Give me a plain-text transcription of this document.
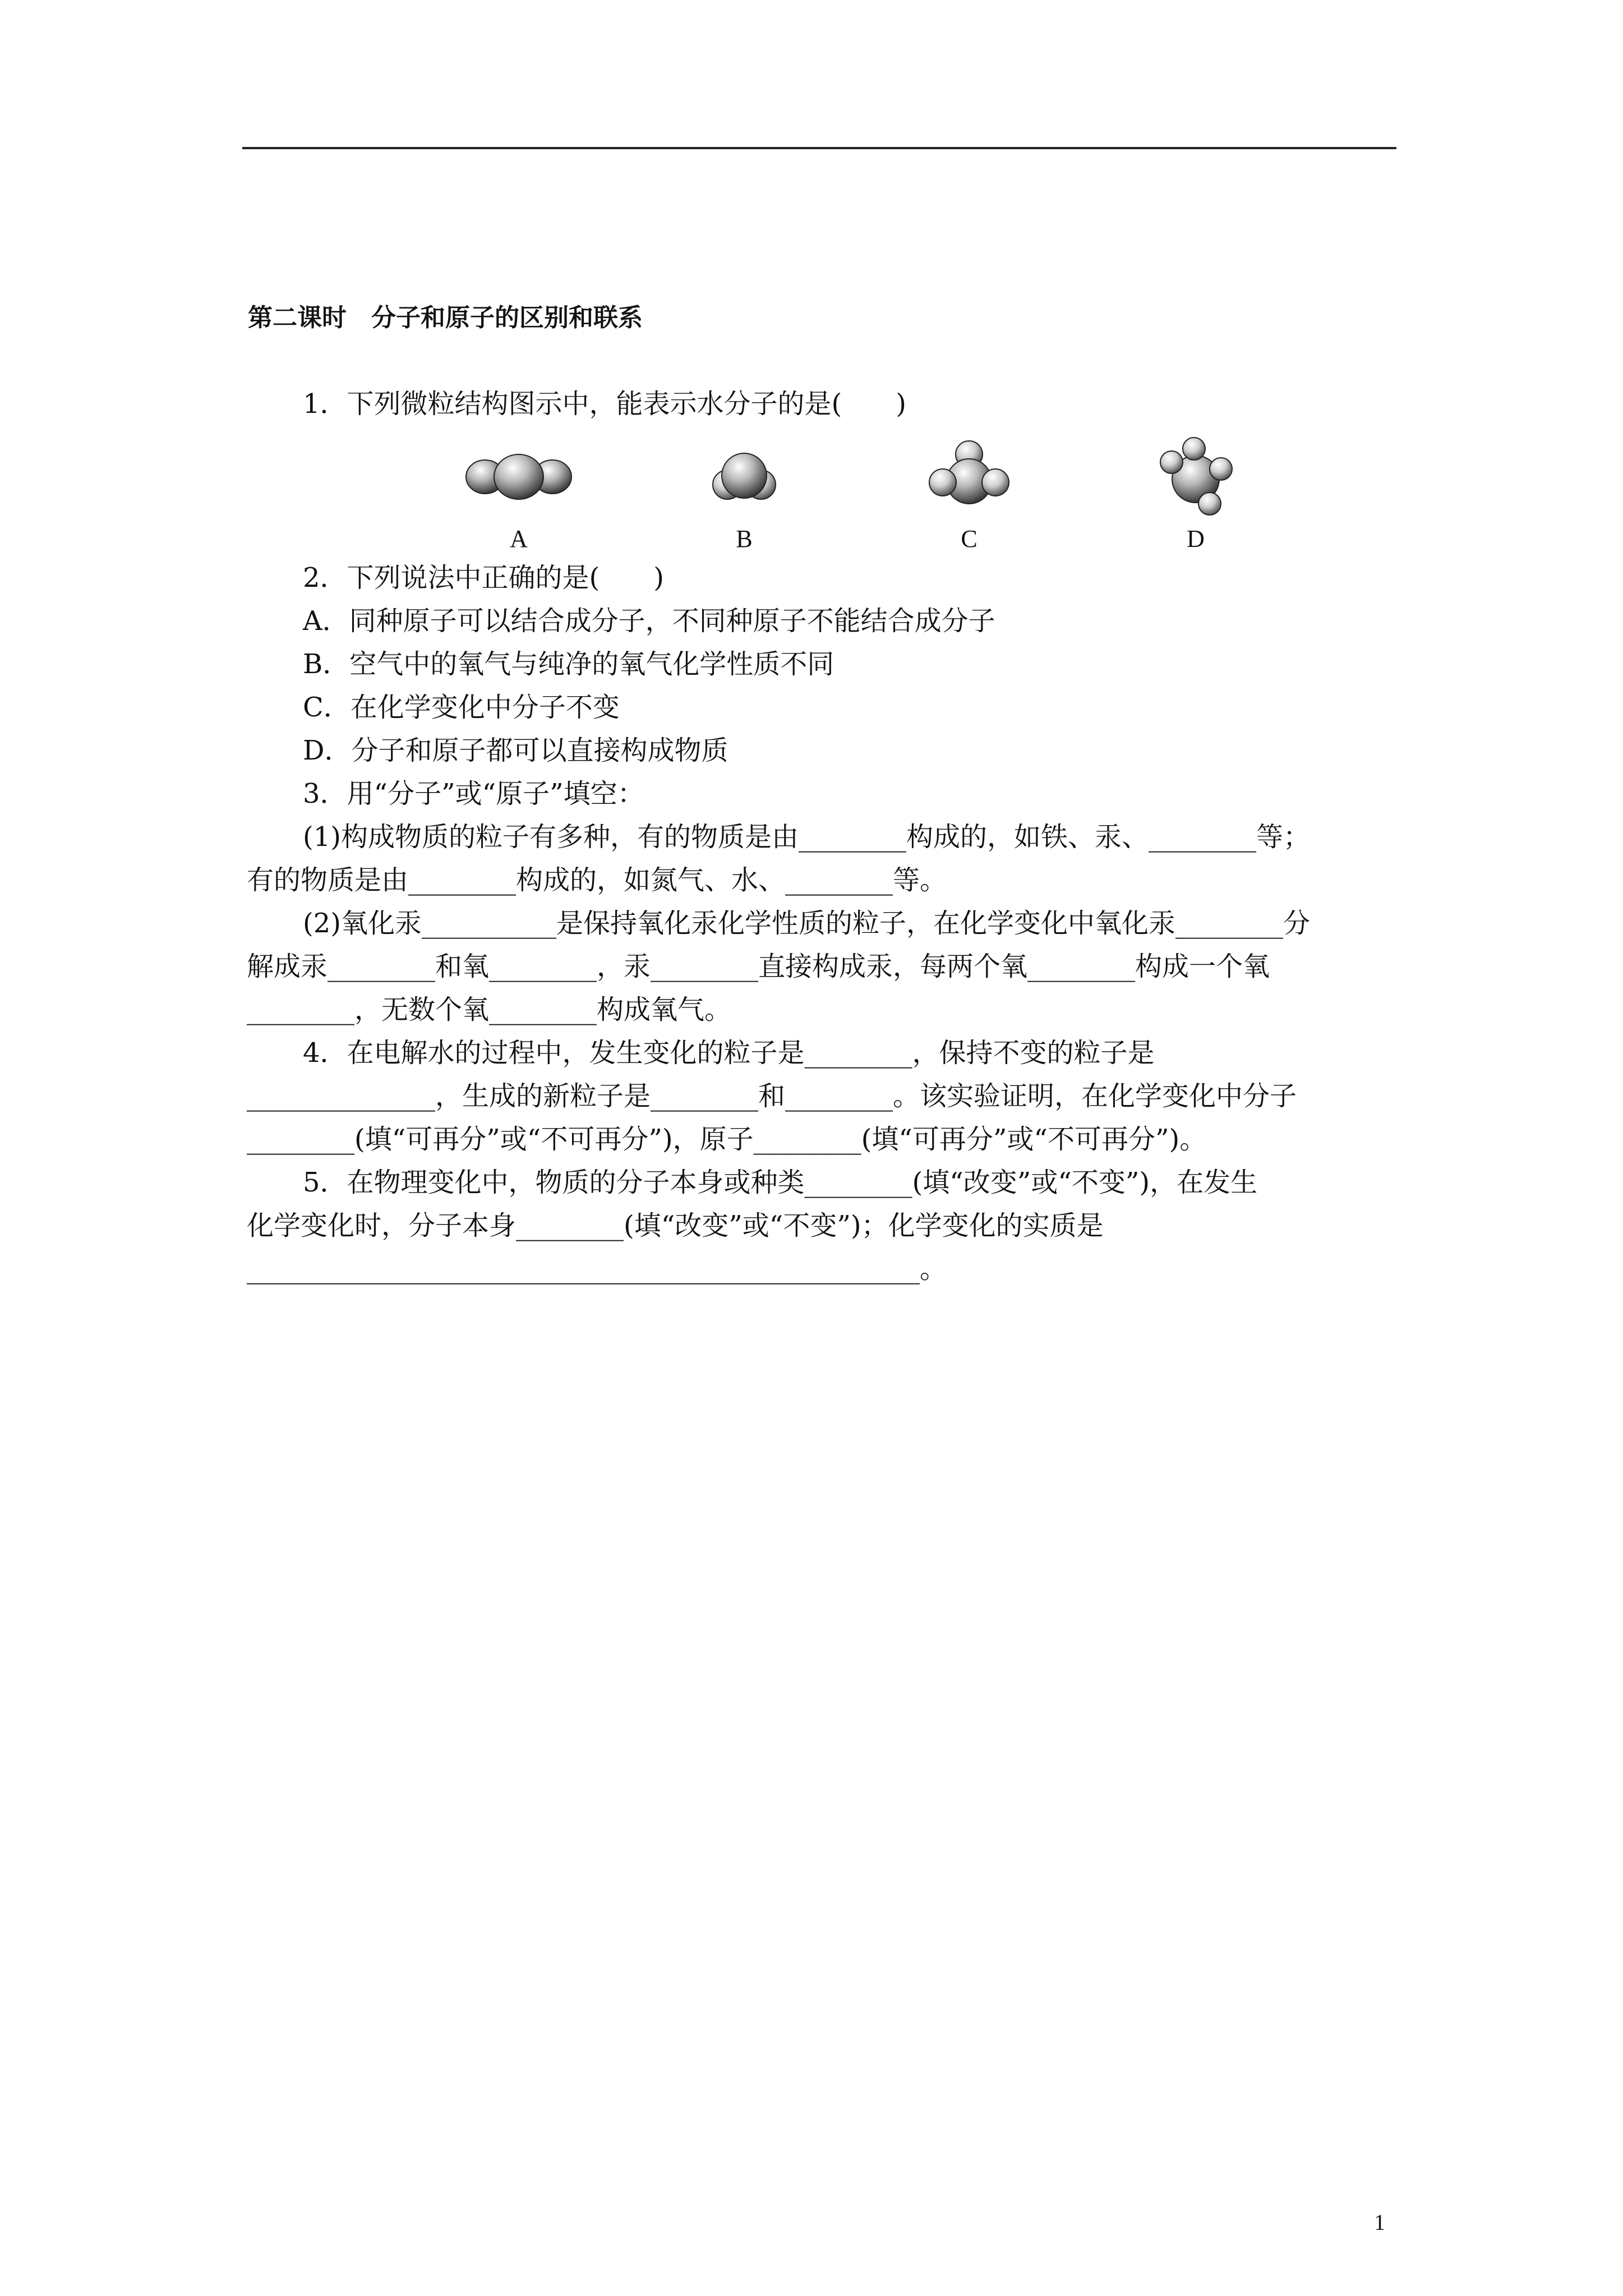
第二课时　分子和原子的区别和联系
1．下列微粒结构图示中，能表示水分子的是(　　)
A	B	C	D
2．下列说法中正确的是(　　)
A．同种原子可以结合成分子，不同种原子不能结合成分子
B．空气中的氧气与纯净的氧气化学性质不同
C．在化学变化中分子不变
D．分子和原子都可以直接构成物质
3．用“分子”或“原子”填空：
(1)构成物质的粒子有多种，有的物质是由________构成的，如铁、汞、________等；
有的物质是由________构成的，如氮气、水、________等。
(2)氧化汞__________是保持氧化汞化学性质的粒子，在化学变化中氧化汞________分
解成汞________和氧________，汞________直接构成汞，每两个氧________构成一个氧
________，无数个氧________构成氧气。
4．在电解水的过程中，发生变化的粒子是________，保持不变的粒子是
______________，生成的新粒子是________和________。该实验证明，在化学变化中分子
________(填“可再分”或“不可再分”)，原子________(填“可再分”或“不可再分”)。
5．在物理变化中，物质的分子本身或种类________(填“改变”或“不变”)，在发生
化学变化时，分子本身________(填“改变”或“不变”)；化学变化的实质是
__________________________________________________。
1
